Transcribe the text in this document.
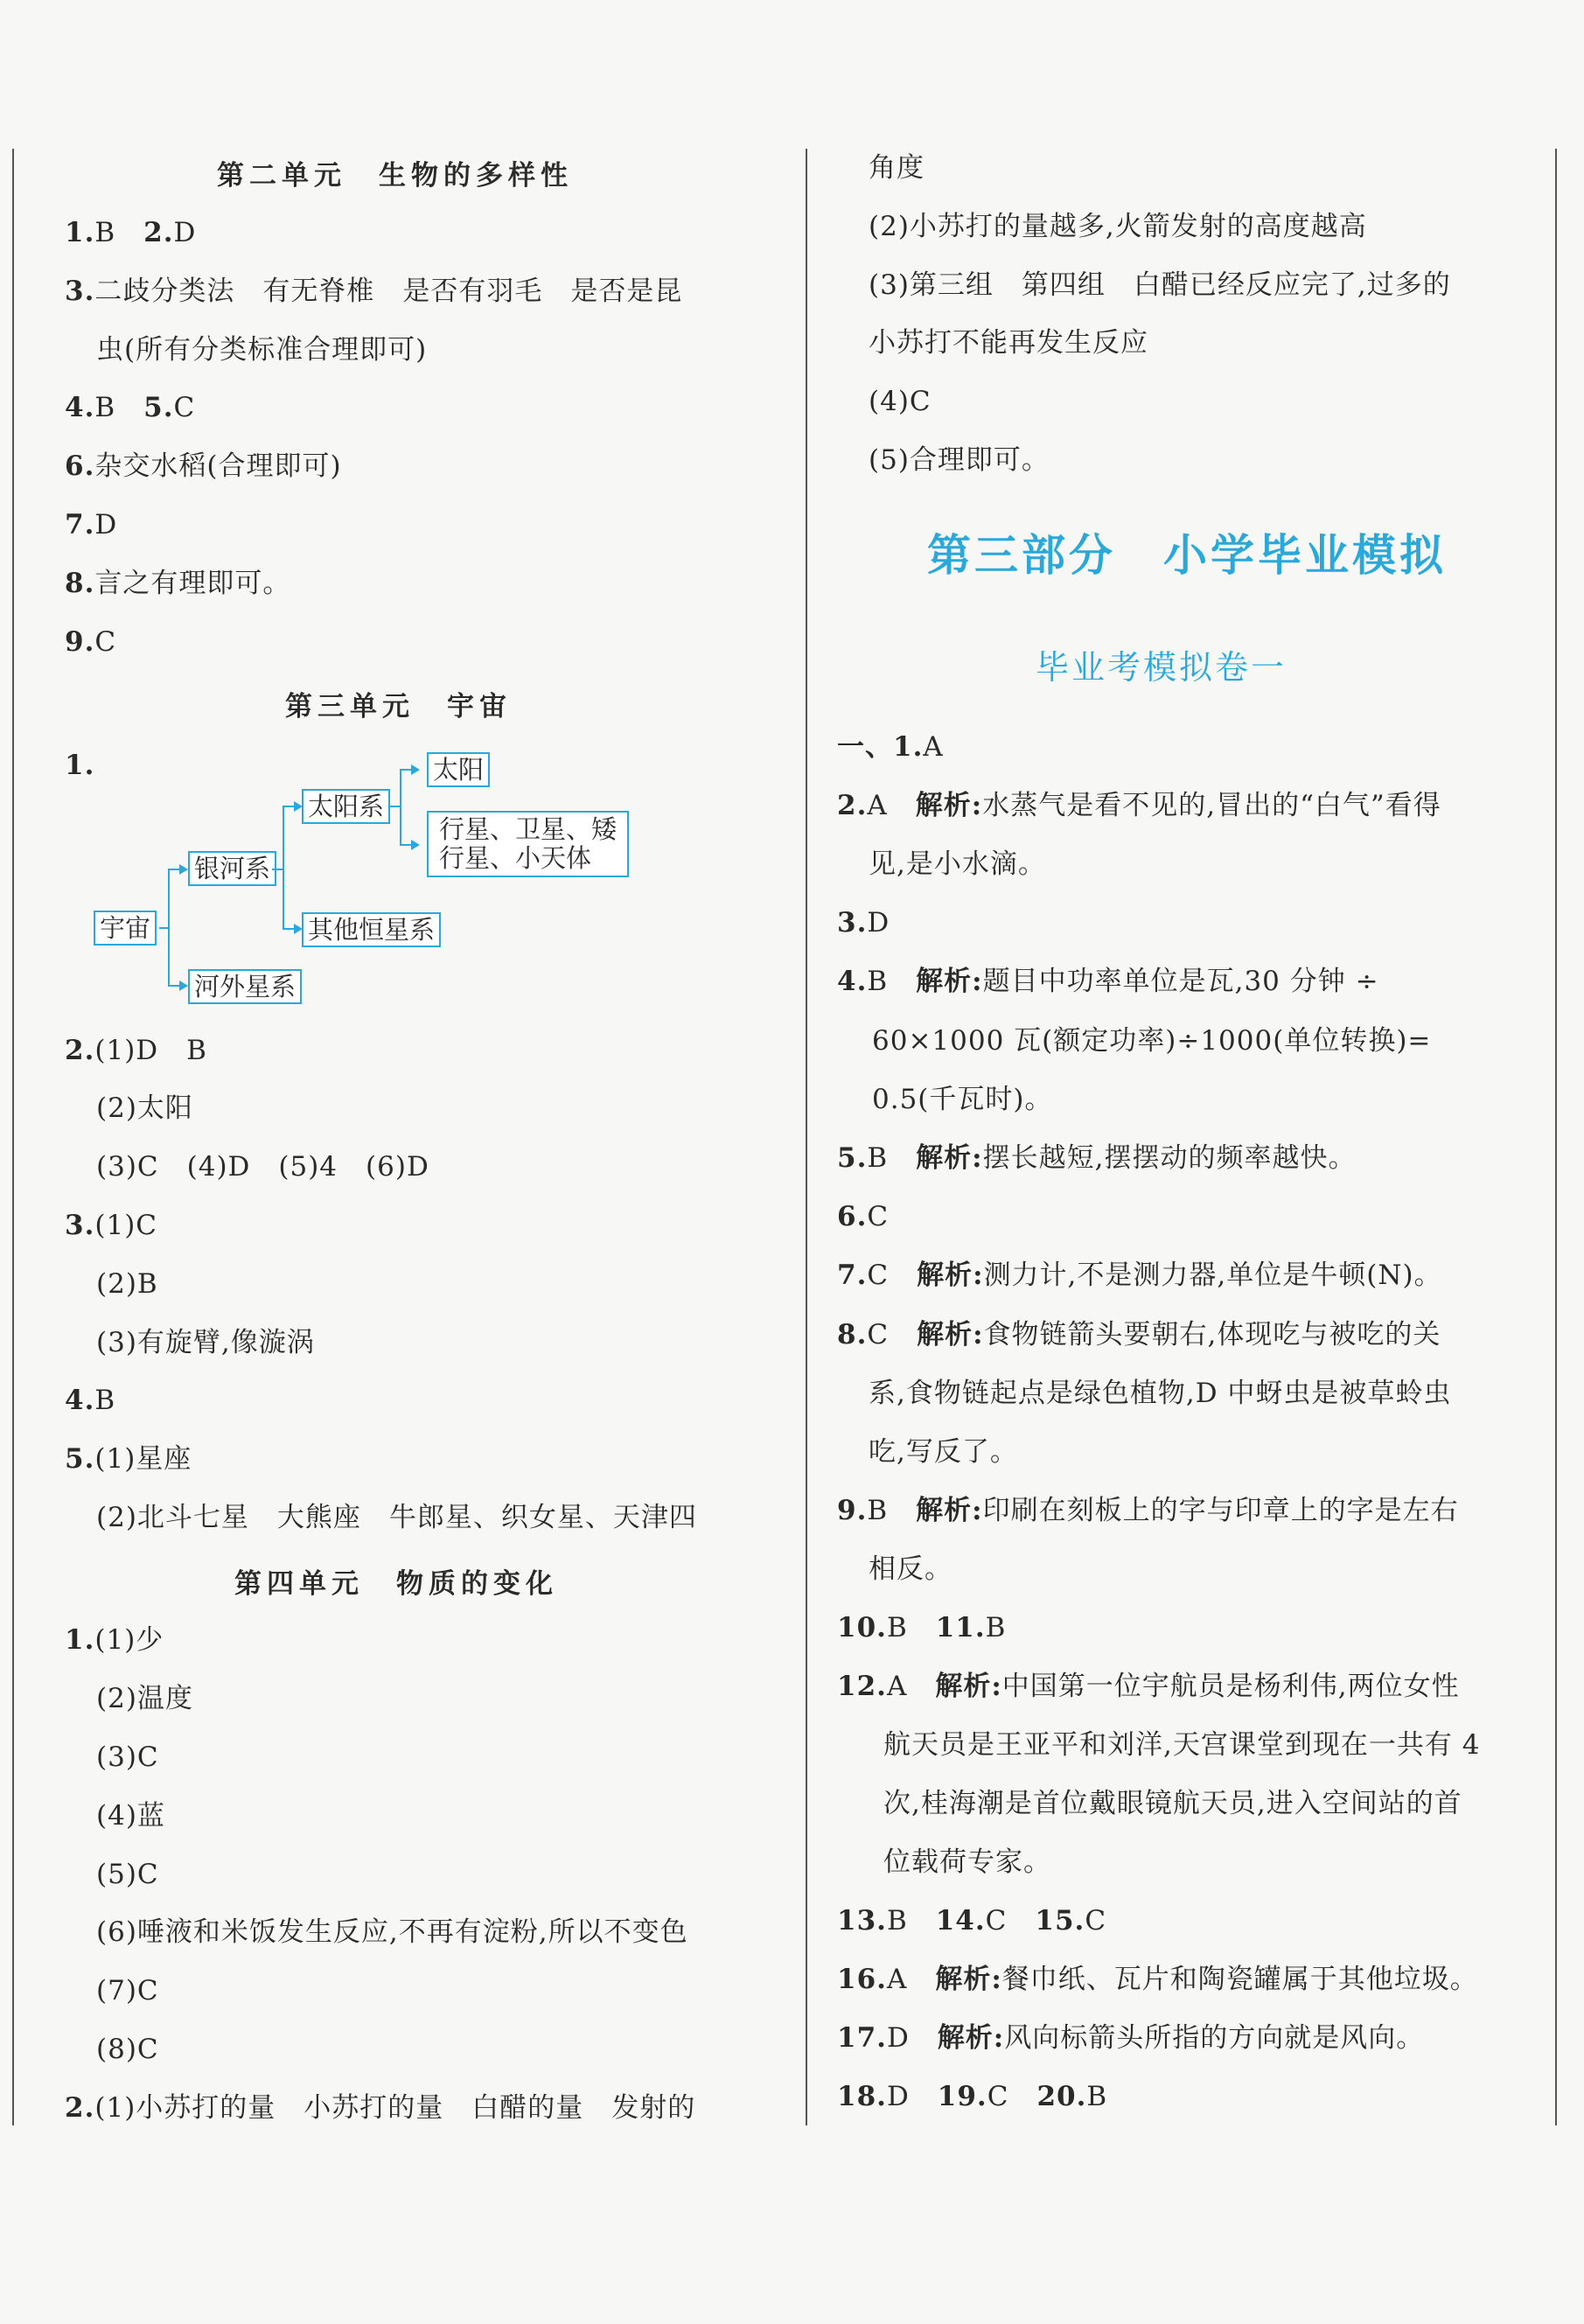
第二单元　生物的多样性
1.B　2.D
3.二歧分类法　有无脊椎　是否有羽毛　是否是昆
虫(所有分类标准合理即可)
4.B　5.C
6.杂交水稻(合理即可)
7.D
8.言之有理即可。
9.C
第三单元　宇宙
1.
宇宙
银河系
河外星系
太阳系
其他恒星系
太阳
行星、卫星、矮
行星、小天体
2.(1)D　B
(2)太阳
(3)C　(4)D　(5)4　(6)D
3.(1)C
(2)B
(3)有旋臂,像漩涡
4.B
5.(1)星座
(2)北斗七星　大熊座　牛郎星、织女星、天津四
第四单元　物质的变化
1.(1)少
(2)温度
(3)C
(4)蓝
(5)C
(6)唾液和米饭发生反应,不再有淀粉,所以不变色
(7)C
(8)C
2.(1)小苏打的量　小苏打的量　白醋的量　发射的
角度
(2)小苏打的量越多,火箭发射的高度越高
(3)第三组　第四组　白醋已经反应完了,过多的
小苏打不能再发生反应
(4)C
(5)合理即可。
第三部分　小学毕业模拟
毕业考模拟卷一
一、1.A
2.A　解析:水蒸气是看不见的,冒出的“白气”看得
见,是小水滴。
3.D
4.B　解析:题目中功率单位是瓦,30 分钟 ÷
60×1000 瓦(额定功率)÷1000(单位转换)=
0.5(千瓦时)。
5.B　解析:摆长越短,摆摆动的频率越快。
6.C
7.C　解析:测力计,不是测力器,单位是牛顿(N)。
8.C　解析:食物链箭头要朝右,体现吃与被吃的关
系,食物链起点是绿色植物,D 中蚜虫是被草蛉虫
吃,写反了。
9.B　解析:印刷在刻板上的字与印章上的字是左右
相反。
10.B　11.B
12.A　解析:中国第一位宇航员是杨利伟,两位女性
航天员是王亚平和刘洋,天宫课堂到现在一共有 4
次,桂海潮是首位戴眼镜航天员,进入空间站的首
位载荷专家。
13.B　14.C　15.C
16.A　解析:餐巾纸、瓦片和陶瓷罐属于其他垃圾。
17.D　解析:风向标箭头所指的方向就是风向。
18.D　19.C　20.B
